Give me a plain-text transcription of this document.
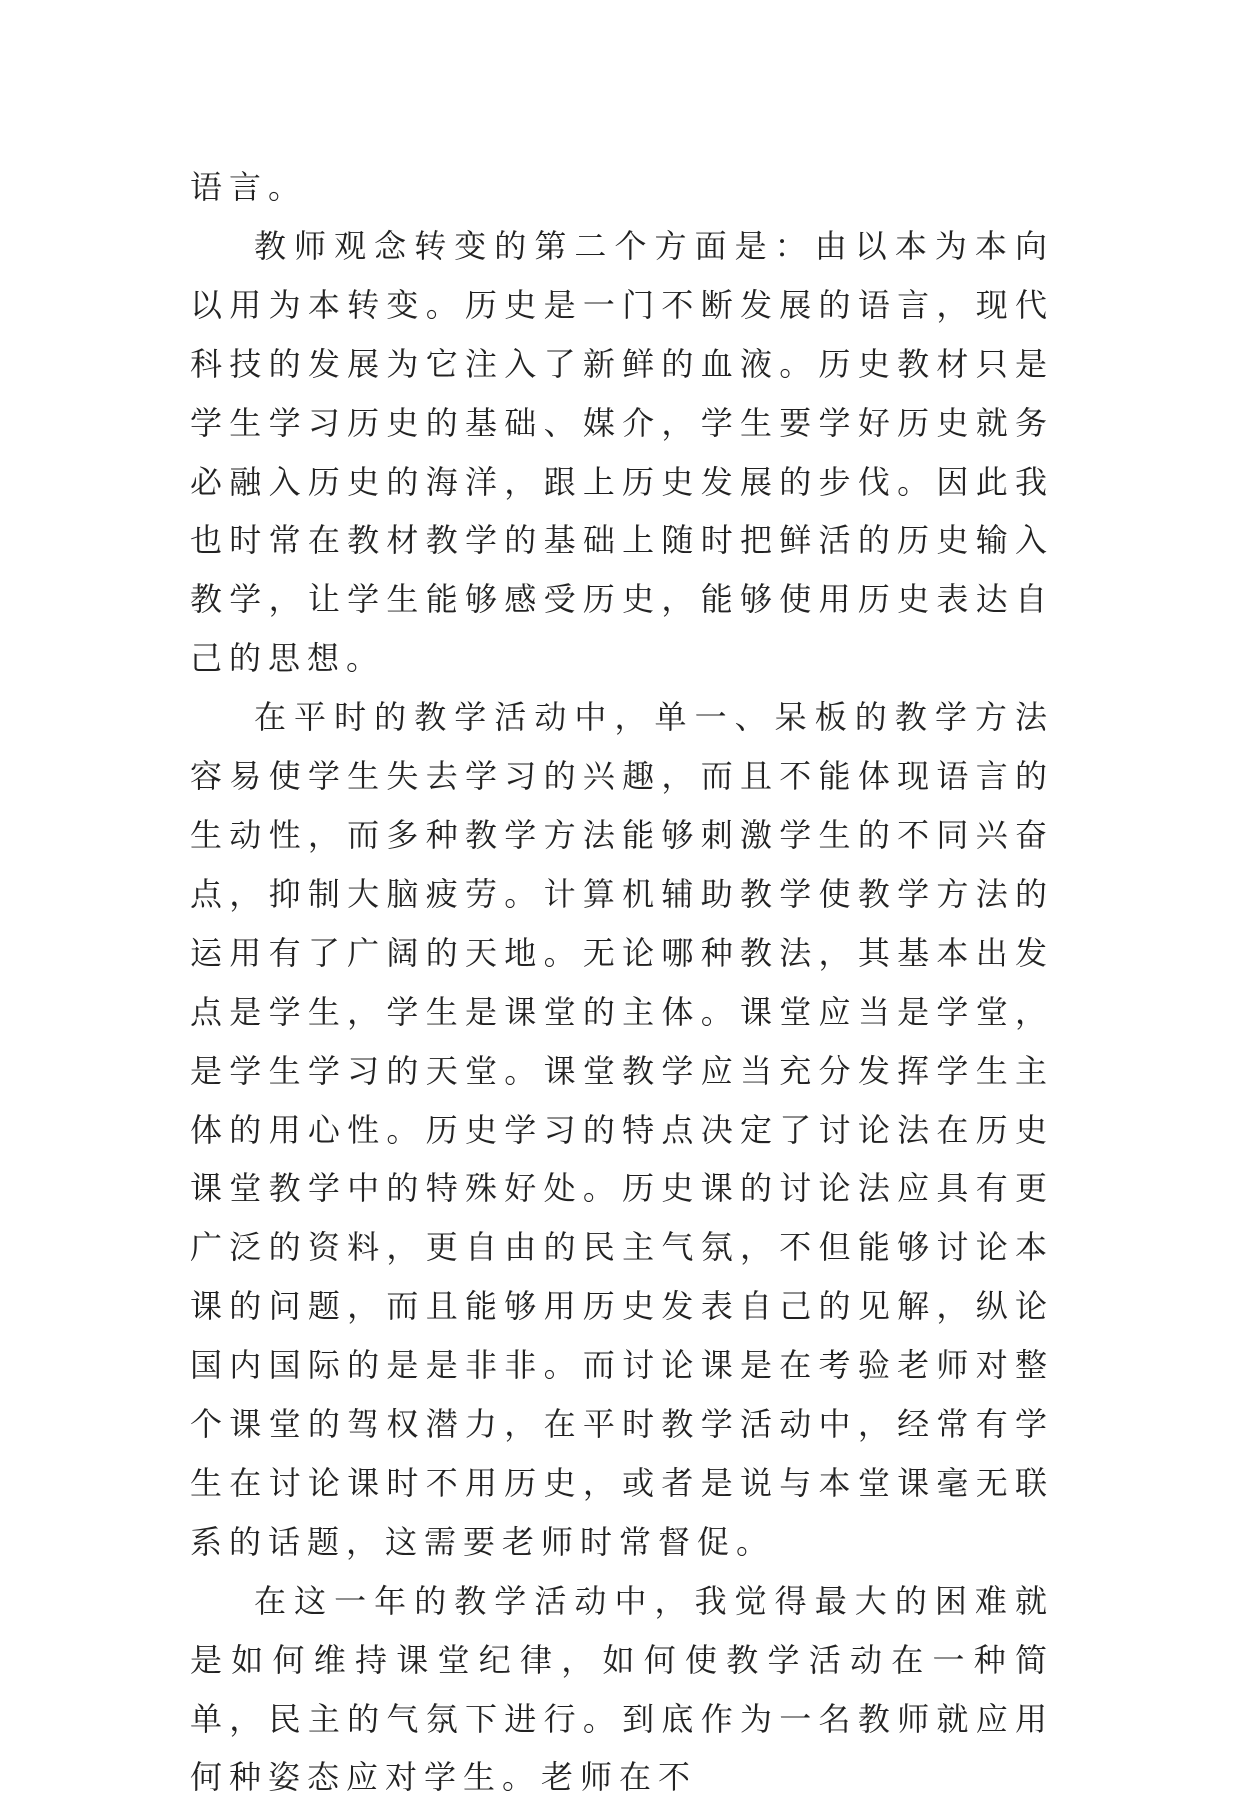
语言。

教师观念转变的第二个方面是：由以本为本向以用为本转变。历史是一门不断发展的语言，现代科技的发展为它注入了新鲜的血液。历史教材只是学生学习历史的基础、媒介，学生要学好历史就务必融入历史的海洋，跟上历史发展的步伐。因此我也时常在教材教学的基础上随时把鲜活的历史输入教学，让学生能够感受历史，能够使用历史表达自己的思想。

在平时的教学活动中，单一、呆板的教学方法容易使学生失去学习的兴趣，而且不能体现语言的生动性，而多种教学方法能够刺激学生的不同兴奋点，抑制大脑疲劳。计算机辅助教学使教学方法的运用有了广阔的天地。无论哪种教法，其基本出发点是学生，学生是课堂的主体。课堂应当是学堂，是学生学习的天堂。课堂教学应当充分发挥学生主体的用心性。历史学习的特点决定了讨论法在历史课堂教学中的特殊好处。历史课的讨论法应具有更广泛的资料，更自由的民主气氛，不但能够讨论本课的问题，而且能够用历史发表自己的见解，纵论国内国际的是是非非。而讨论课是在考验老师对整个课堂的驾权潜力，在平时教学活动中，经常有学生在讨论课时不用历史，或者是说与本堂课毫无联系的话题，这需要老师时常督促。

在这一年的教学活动中，我觉得最大的困难就是如何维持课堂纪律，如何使教学活动在一种简单，民主的气氛下进行。到底作为一名教师就应用何种姿态应对学生。老师在不
